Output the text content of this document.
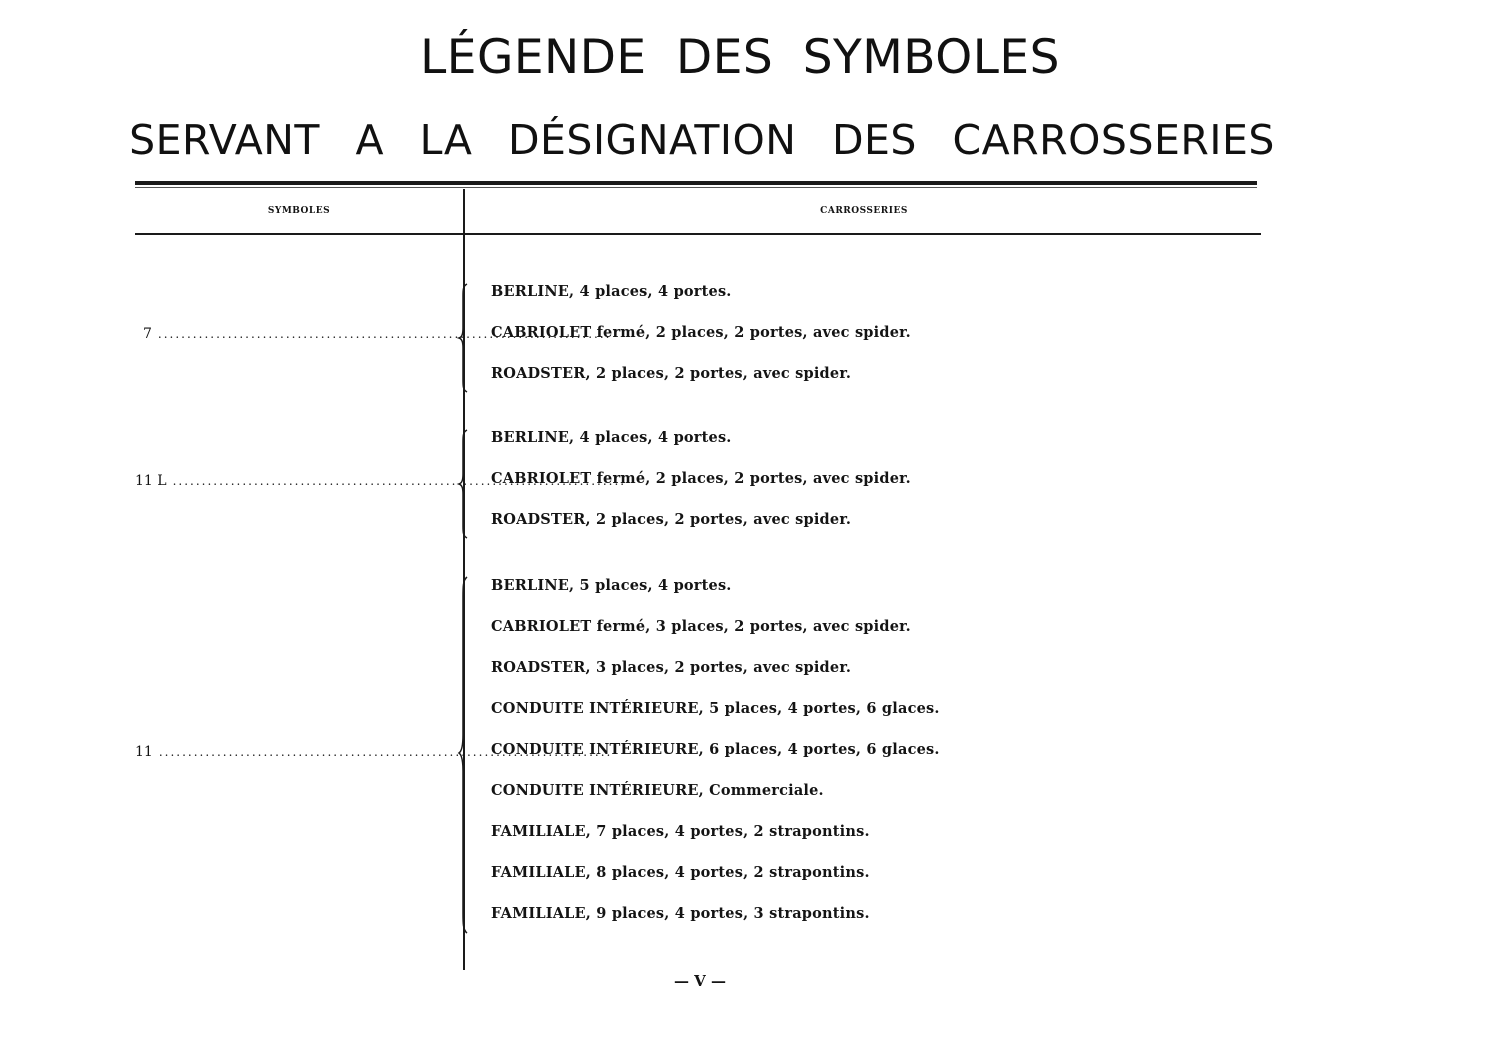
LÉGENDE DES SYMBOLES
SERVANT A LA DÉSIGNATION DES CARROSSERIES
SYMBOLES	CARROSSERIES
7 ..............................................................................
BERLINE, 4 places, 4 portes.
CABRIOLET fermé, 2 places, 2 portes, avec spider.
ROADSTER, 2 places, 2 portes, avec spider.
11 L ..............................................................................
BERLINE, 4 places, 4 portes.
CABRIOLET fermé, 2 places, 2 portes, avec spider.
ROADSTER, 2 places, 2 portes, avec spider.
11 ..............................................................................
BERLINE, 5 places, 4 portes.
CABRIOLET fermé, 3 places, 2 portes, avec spider.
ROADSTER, 3 places, 2 portes, avec spider.
CONDUITE INTÉRIEURE, 5 places, 4 portes, 6 glaces.
CONDUITE INTÉRIEURE, 6 places, 4 portes, 6 glaces.
CONDUITE INTÉRIEURE, Commerciale.
FAMILIALE, 7 places, 4 portes, 2 strapontins.
FAMILIALE, 8 places, 4 portes, 2 strapontins.
FAMILIALE, 9 places, 4 portes, 3 strapontins.
— V —
